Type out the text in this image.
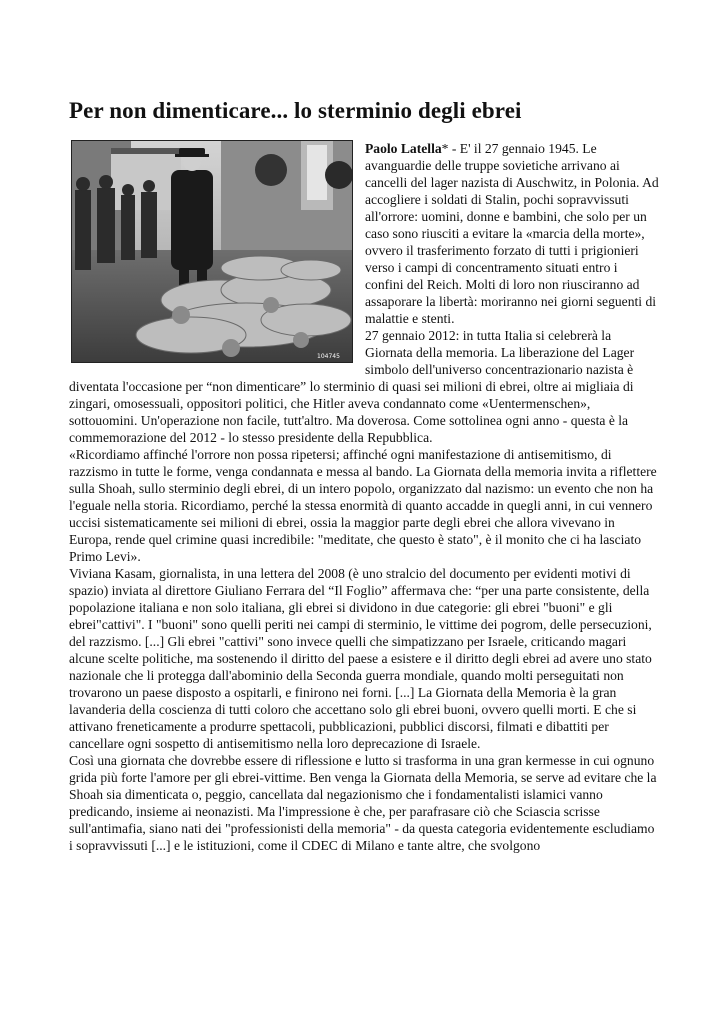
Per non dimenticare... lo sterminio degli ebrei
104745

Paolo Latella* - E' il 27 gennaio 1945. Le avanguardie delle truppe sovietiche arrivano ai cancelli del lager nazista di Auschwitz, in Polonia. Ad accogliere i soldati di Stalin, pochi sopravvissuti all'orrore: uomini, donne e bambini, che solo per un caso sono riusciti a evitare la «marcia della morte», ovvero il trasferimento forzato di tutti i prigionieri verso i campi di concentramento situati entro i confini del Reich. Molti di loro non riusciranno ad assaporare la libertà: moriranno nei giorni seguenti di malattie e stenti.

27 gennaio 2012: in tutta Italia si celebrerà la Giornata della memoria. La liberazione del Lager simbolo dell'universo concentrazionario nazista è diventata l'occasione per “non dimenticare” lo sterminio di quasi sei milioni di ebrei, oltre ai migliaia di zingari, omosessuali, oppositori politici, che Hitler aveva condannato come «Uentermenschen», sottouomini. Un'operazione non facile, tutt'altro. Ma doverosa. Come sottolinea ogni anno - questa è la commemorazione del 2012 - lo stesso presidente della Repubblica.

«Ricordiamo affinché l'orrore non possa ripetersi; affinché ogni manifestazione di antisemitismo, di razzismo in tutte le forme, venga condannata e messa al bando. La Giornata della memoria invita a riflettere sulla Shoah, sullo sterminio degli ebrei, di un intero popolo, organizzato dal nazismo: un evento che non ha l'eguale nella storia. Ricordiamo, perché la stessa enormità di quanto accadde in quegli anni, in cui vennero uccisi sistematicamente sei milioni di ebrei, ossia la maggior parte degli ebrei che allora vivevano in Europa, rende quel crimine quasi incredibile: "meditate, che questo è stato", è il monito che ci ha lasciato Primo Levi».

Viviana Kasam, giornalista, in una lettera del 2008 (è uno stralcio del documento per evidenti motivi di spazio) inviata al direttore Giuliano Ferrara del “Il Foglio” affermava che: “per una parte consistente, della popolazione italiana e non solo italiana, gli ebrei si dividono in due categorie: gli ebrei "buoni" e gli ebrei"cattivi". I "buoni" sono quelli periti nei campi di sterminio, le vittime dei pogrom, delle persecuzioni, del razzismo. [...] Gli ebrei "cattivi" sono invece quelli che simpatizzano per Israele, criticando magari alcune scelte politiche, ma sostenendo il diritto del paese a esistere e il diritto degli ebrei ad avere uno stato nazionale che li protegga dall'abominio della Seconda guerra mondiale, quando molti perseguitati non trovarono un paese disposto a ospitarli, e finirono nei forni. [...] La Giornata della Memoria è la gran lavanderia della coscienza di tutti coloro che accettano solo gli ebrei buoni, ovvero quelli morti. E che si attivano freneticamente a produrre spettacoli, pubblicazioni, pubblici discorsi, filmati e dibattiti per cancellare ogni sospetto di antisemitismo nella loro deprecazione di Israele.

Così una giornata che dovrebbe essere di riflessione e lutto si trasforma in una gran kermesse in cui ognuno grida più forte l'amore per gli ebrei-vittime. Ben venga la Giornata della Memoria, se serve ad evitare che la Shoah sia dimenticata o, peggio, cancellata dal negazionismo che i fondamentalisti islamici vanno predicando, insieme ai neonazisti. Ma l'impressione è che, per parafrasare ciò che Sciascia scrisse sull'antimafia, siano nati dei "professionisti della memoria" - da questa categoria evidentemente escludiamo i sopravvissuti [...] e le istituzioni, come il CDEC di Milano e tante altre, che svolgono
